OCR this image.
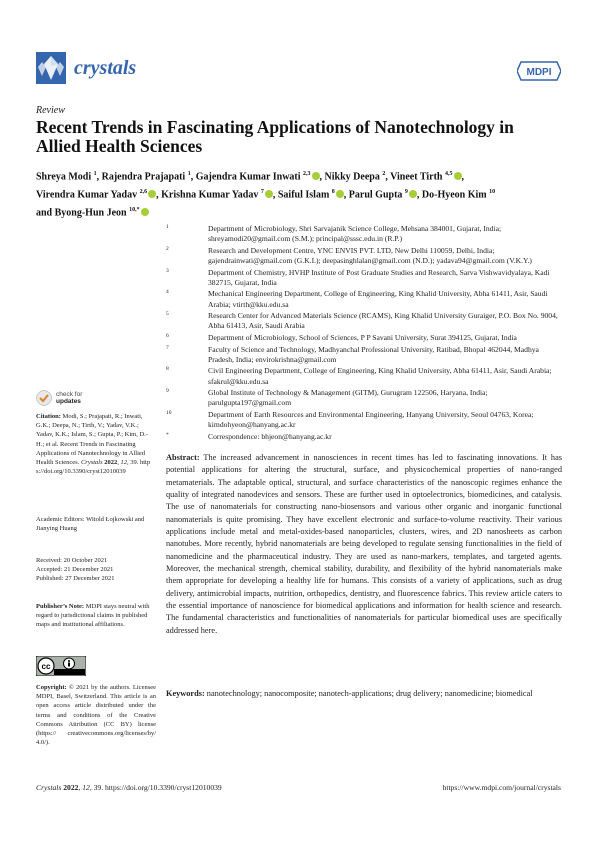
crystals	MDPI
Review
Recent Trends in Fascinating Applications of Nanotechnology in Allied Health Sciences
Shreya Modi $^1$, Rajendra Prajapati $^1$, Gajendra Kumar Inwati $^{2,3}$ , Nikky Deepa $^2$, Vineet Tirth $^{4,5}$ ,
Virendra Kumar Yadav $^{2,6}$ , Krishna Kumar Yadav $^7$ , Saiful Islam $^8$ , Parul Gupta $^9$ , Do-Hyeon Kim $^{10}$
and Byong-Hun Jeon $^{10,*}$
1	Department of Microbiology, Shri Sarvajanik Science College, Mehsana 384001, Gujarat, India; shreyamodi20@gmail.com (S.M.); principal@sssc.edu.in (R.P.)
2	Research and Development Centre, YNC ENVIS PVT. LTD, New Delhi 110059, Delhi, India; gajendrainwati@gmail.com (G.K.I.); deepasinghlalan@gmail.com (N.D.); yadava94@gmail.com (V.K.Y.)
3	Department of Chemistry, HVHP Institute of Post Graduate Studies and Research, Sarva Vishwavidyalaya, Kadi 382715, Gujarat, India
4	Mechanical Engineering Department, College of Engineering, King Khalid University, Abha 61411, Asir, Saudi Arabia; vtirth@kku.edu.sa
5	Research Center for Advanced Materials Science (RCAMS), King Khalid University Guraiger, P.O. Box No. 9004, Abha 61413, Asir, Saudi Arabia
6	Department of Microbiology, School of Sciences, P P Savani University, Surat 394125, Gujarat, India
7	Faculty of Science and Technology, Madhyanchal Professional University, Ratibad, Bhopal 462044, Madhya Pradesh, India; envirokrishna@gmail.com
8	Civil Engineering Department, College of Engineering, King Khalid University, Abha 61411, Asir, Saudi Arabia; sfakrul@kku.edu.sa
9	Global Institute of Technology & Management (GITM), Gurugram 122506, Haryana, India; parulgupta197@gmail.com
10	Department of Earth Resources and Environmental Engineering, Hanyang University, Seoul 04763, Korea; kimdohyeon@hanyang.ac.kr
*	Correspondence: bhjeon@hanyang.ac.kr
check for
updates
Citation: Modi, S.; Prajapati, R.; Inwati, G.K.; Deepa, N.; Tirth, V.; Yadav, V.K.; Yadav, K.K.; Islam, S.; Gupta, P.; Kim, D.-H.; et al. Recent Trends in Fascinating Applications of Nanotechnology in Allied Health Sciences. Crystals 2022, 12, 39. https://doi.org/10.3390/cryst12010039
Academic Editors: Witold Łojkowski and Jianying Huang
Received: 20 October 2021
Accepted: 21 December 2021
Published: 27 December 2021
Publisher’s Note: MDPI stays neutral with regard to jurisdictional claims in published maps and institutional affiliations.
cc
Copyright: © 2021 by the authors. Licensee MDPI, Basel, Switzerland. This article is an open access article distributed under the terms and conditions of the Creative Commons Attribution (CC BY) license (https:// creativecommons.org/licenses/by/ 4.0/).
Abstract: The increased advancement in nanosciences in recent times has led to fascinating innovations. It has potential applications for altering the structural, surface, and physicochemical properties of nano-ranged metamaterials. The adaptable optical, structural, and surface characteristics of the nanoscopic regimes enhance the quality of integrated nanodevices and sensors. These are further used in optoelectronics, biomedicines, and catalysis. The use of nanomaterials for constructing nano-biosensors and various other organic and inorganic functional nanomaterials is quite promising. They have excellent electronic and surface-to-volume reactivity. Their various applications include metal and metal-oxides-based nanoparticles, clusters, wires, and 2D nanosheets as carbon nanotubes. More recently, hybrid nanomaterials are being developed to regulate sensing functionalities in the field of nanomedicine and the pharmaceutical industry. They are used as nano-markers, templates, and targeted agents. Moreover, the mechanical strength, chemical stability, durability, and flexibility of the hybrid nanomaterials make them appropriate for developing a healthy life for humans. This consists of a variety of applications, such as drug delivery, antimicrobial impacts, nutrition, orthopedics, dentistry, and fluorescence fabrics. This review article caters to the essential importance of nanoscience for biomedical applications and information for health science and research. The fundamental characteristics and functionalities of nanomaterials for particular biomedical uses are specifically addressed here.
Keywords: nanotechnology; nanocomposite; nanotech-applications; drug delivery; nanomedicine; biomedical
Crystals 2022, 12, 39. https://doi.org/10.3390/cryst12010039	https://www.mdpi.com/journal/crystals
